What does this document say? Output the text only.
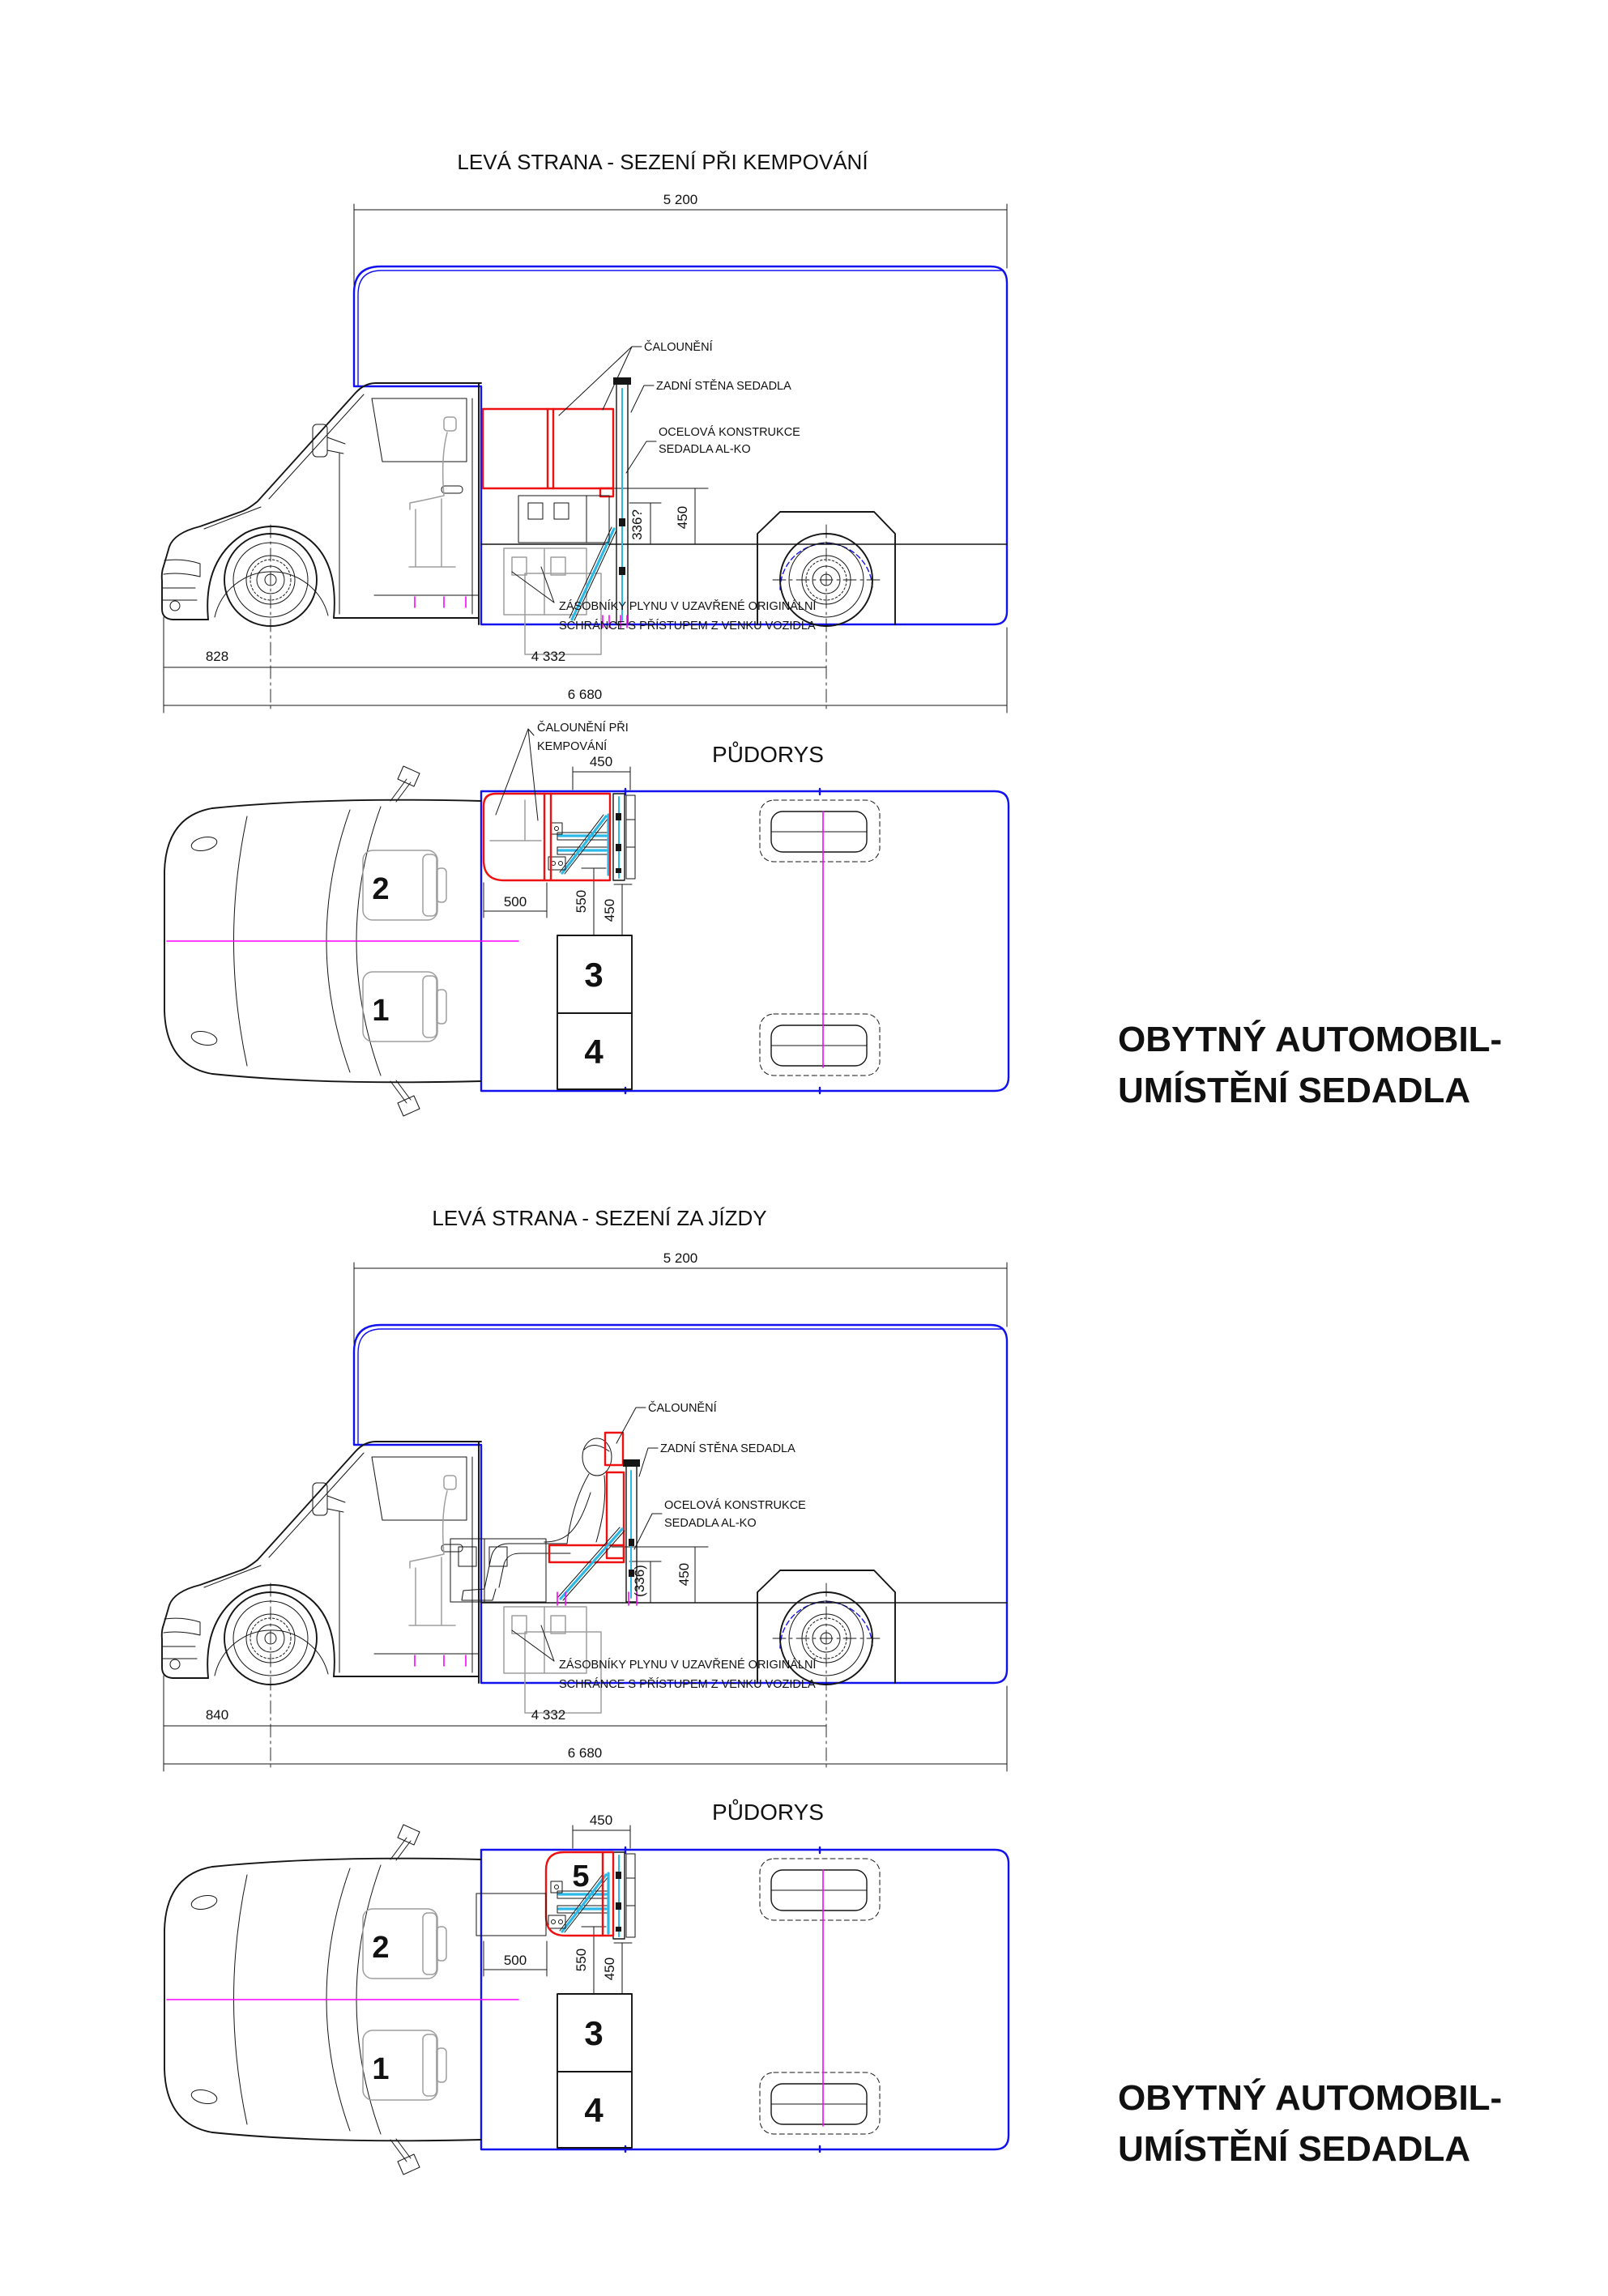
LEVÁ STRANA - SEZENÍ PŘI KEMPOVÁNÍ
ČALOUNĚNÍ
ZADNÍ STĚNA SEDADLA
OCELOVÁ KONSTRUKCE
SEDADLA AL-KO
ZÁSOBNÍKY PLYNU V UZAVŘENÉ ORIGINÁLNÍ
SCHRÁNCE S PŘÍSTUPEM Z VENKU VOZIDLA
5 200
828	4 332
6 680
450
336?
ČALOUNĚNÍ PŘI
KEMPOVÁNÍ	PŮDORYS
450
500	550 450
2
1
3
4	OBYTNÝ AUTOMOBIL-
UMÍSTĚNÍ SEDADLA
LEVÁ STRANA - SEZENÍ ZA JÍZDY
ČALOUNĚNÍ
ZADNÍ STĚNA SEDADLA
OCELOVÁ KONSTRUKCE
SEDADLA AL-KO
ZÁSOBNÍKY PLYNU V UZAVŘENÉ ORIGINÁLNÍ
SCHRÁNCE S PŘÍSTUPEM Z VENKU VOZIDLA
5 200
840	4 332
6 680
450
(336)
PŮDORYS
450
5
500	550 450
2
1
3
4	OBYTNÝ AUTOMOBIL-
UMÍSTĚNÍ SEDADLA
